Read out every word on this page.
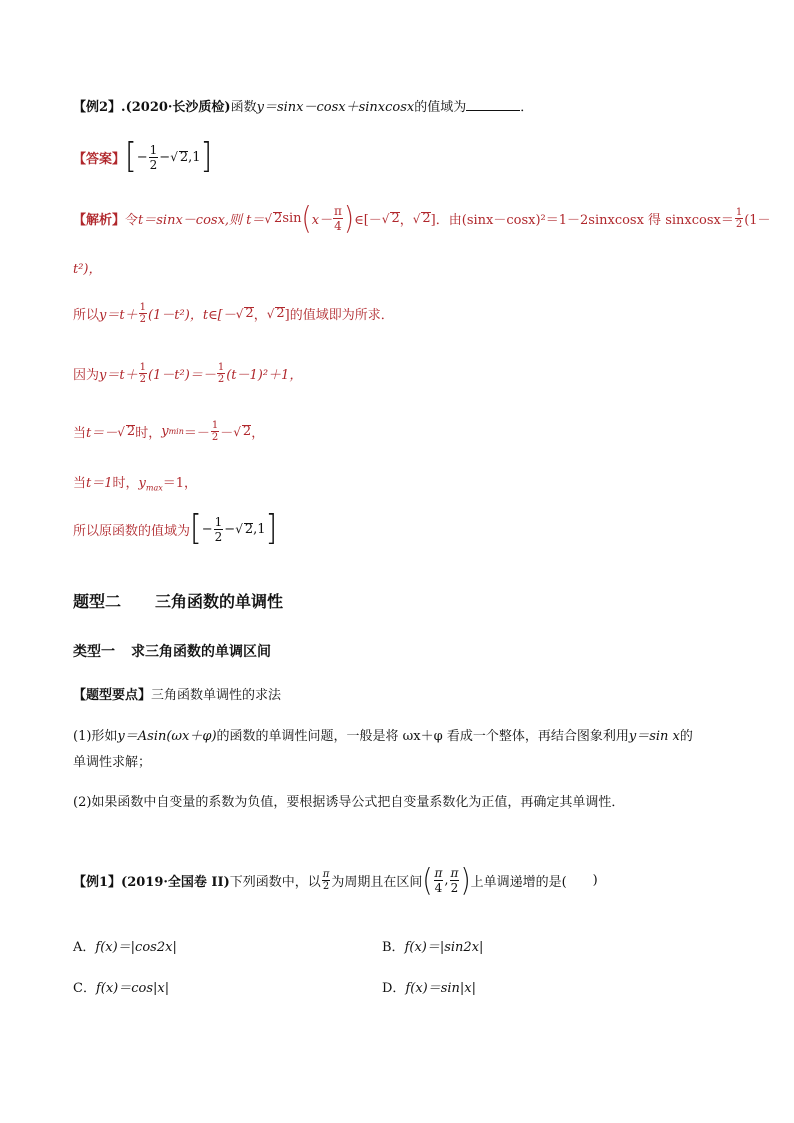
【例2】.(2020·长沙质检)函数y＝sinx－cosx＋sinxcosx的值域为	．
【答案】 [ − $\frac{1}{2}$ − √ 2 ,1 ]
【解析】 令 t＝sinx－cosx,则 t＝ √ 2 sin ( $x- \frac{\pi}{4}$ ) ∈[－ √ 2 ， √ 2 ]．由(sinx－cosx)²＝1－2sinxcosx 得 sinxcosx＝ $\frac{1}{2} (1-$
t²)，
所以 $y=t+ \frac{1}{2} (1-t^2)$，t∈[－ √ 2 ， √ 2 ]的值域即为所求．
因为 $y=t+ \frac{1}{2} (1-t^2)=- \frac{1}{2} (t-1)^2+1$，
当 t＝－ √ 2 时， y $\min =- \frac{1}{2}$ － √ 2 ，
当t＝1时，$y_{max}=1$，
所以原函数的值域为 [ − $\frac{1}{2}$ − √ 2 ,1 ]
题型二 三角函数的单调性
类型一 求三角函数的单调区间
【题型要点】三角函数单调性的求法
(1)形如y＝Asin(ωx＋φ)的函数的单调性问题，一般是将 ωx＋φ 看成一个整体，再结合图象利用y＝sin x的
单调性求解；
(2)如果函数中自变量的系数为负值，要根据诱导公式把自变量系数化为正值，再确定其单调性．
【例1】 (2019·全国卷 II) 下列函数中，以 $\frac{\pi}{2}$ 为周期且在区间 ( $\frac{\pi}{4}$ , $\frac{\pi}{2}$ ) 上单调递增的是( )
A．f(x)＝|cos2x|	B．f(x)＝|sin2x|
C．f(x)＝cos|x|	D．f(x)＝sin|x|
